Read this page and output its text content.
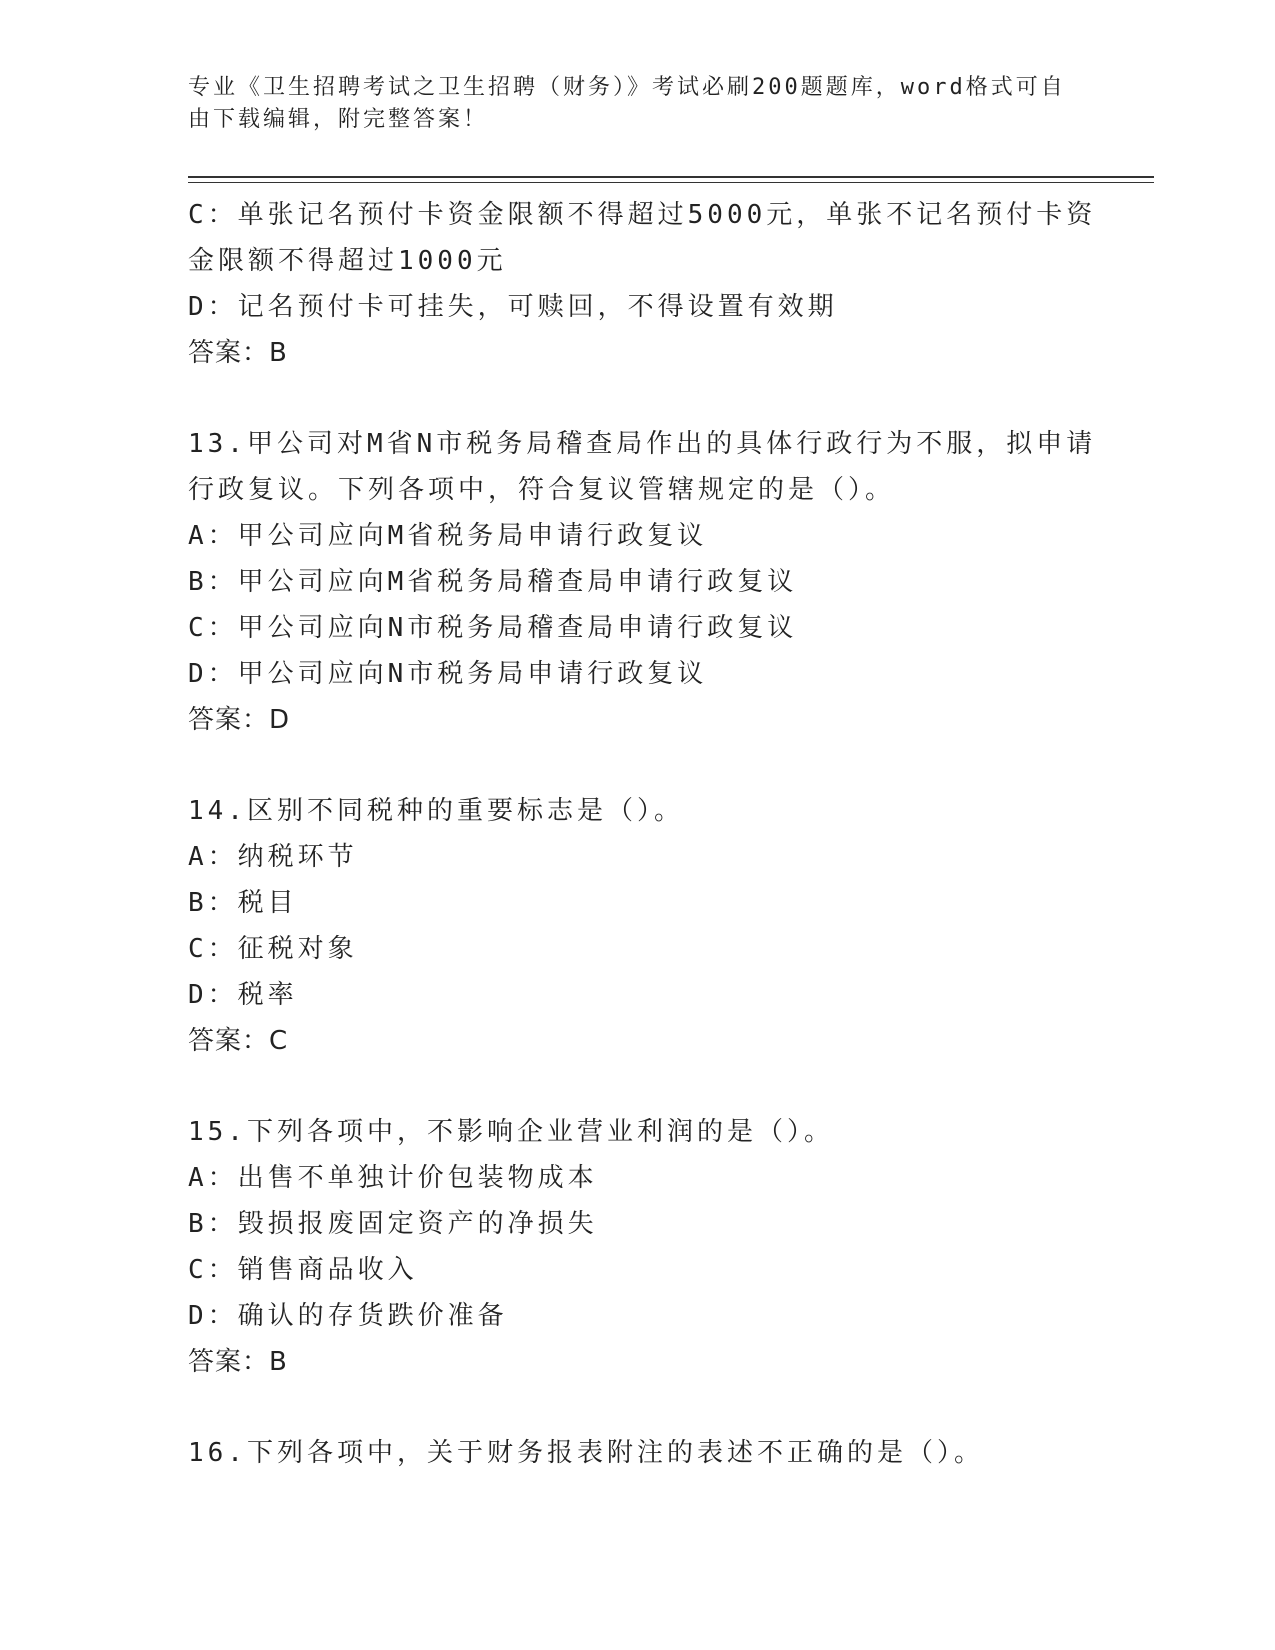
专业《卫生招聘考试之卫生招聘（财务）》考试必刷200题题库，word格式可自
由下载编辑，附完整答案！
C：单张记名预付卡资金限额不得超过5000元，单张不记名预付卡资
金限额不得超过1000元
D：记名预付卡可挂失，可赎回，不得设置有效期
答案：B
13.甲公司对M省N市税务局稽查局作出的具体行政行为不服，拟申请
行政复议。下列各项中，符合复议管辖规定的是（）。
A：甲公司应向M省税务局申请行政复议
B：甲公司应向M省税务局稽查局申请行政复议
C：甲公司应向N市税务局稽查局申请行政复议
D：甲公司应向N市税务局申请行政复议
答案：D
14.区别不同税种的重要标志是（）。
A：纳税环节
B：税目
C：征税对象
D：税率
答案：C
15.下列各项中，不影响企业营业利润的是（）。
A：出售不单独计价包装物成本
B：毁损报废固定资产的净损失
C：销售商品收入
D：确认的存货跌价准备
答案：B
16.下列各项中，关于财务报表附注的表述不正确的是（）。
